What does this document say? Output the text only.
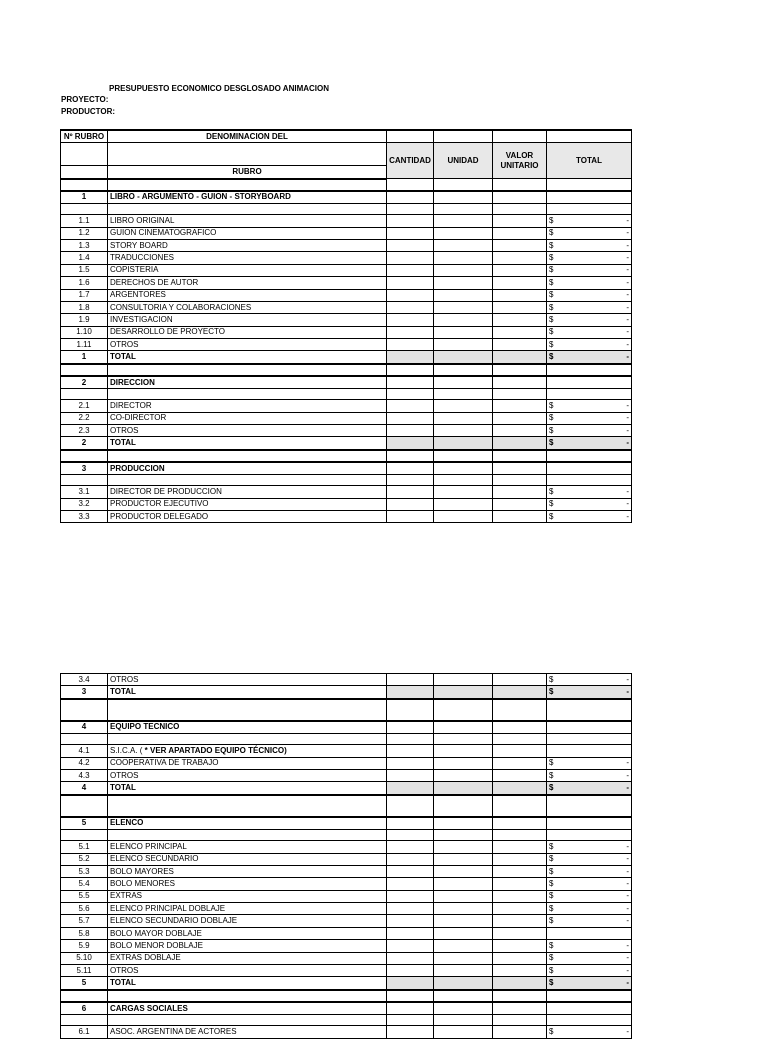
PRESUPUESTO ECONOMICO DESGLOSADO ANIMACION
PROYECTO:
PRODUCTOR:
Nº RUBRO	DENOMINACION DEL				
		CANTIDAD	UNIDAD	VALOR
UNITARIO	TOTAL
	RUBRO				

1	LIBRO - ARGUMENTO - GUION - STORYBOARD				

1.1	LIBRO ORIGINAL				$ -

1.2	GUION CINEMATOGRAFICO				$ -

1.3	STORY BOARD				$ -

1.4	TRADUCCIONES				$ -

1.5	COPISTERIA				$ -

1.6	DERECHOS DE AUTOR				$ -

1.7	ARGENTORES				$ -

1.8	CONSULTORIA Y COLABORACIONES				$ -

1.9	INVESTIGACION				$ -

1.10	DESARROLLO DE PROYECTO				$ -

1.11	OTROS				$ -

1	TOTAL				$ -

2	DIRECCION				

2.1	DIRECTOR				$ -

2.2	CO-DIRECTOR				$ -

2.3	OTROS				$ -

2	TOTAL				$ -

3	PRODUCCION				

3.1	DIRECTOR DE PRODUCCION				$ -

3.2	PRODUCTOR EJECUTIVO				$ -

3.3	PRODUCTOR DELEGADO				$ -
3.4	OTROS				$ -

3	TOTAL				$ -

4	EQUIPO TECNICO				

4.1	S.I.C.A. ( * VER APARTADO EQUIPO TÉCNICO)				
4.2	COOPERATIVA DE TRABAJO				$ -

4.3	OTROS				$ -

4	TOTAL				$ -

5	ELENCO				

5.1	ELENCO PRINCIPAL				$ -

5.2	ELENCO SECUNDARIO				$ -

5.3	BOLO MAYORES				$ -

5.4	BOLO MENORES				$ -

5.5	EXTRAS				$ -

5.6	ELENCO PRINCIPAL DOBLAJE				$ -

5.7	ELENCO SECUNDARIO DOBLAJE				$ -

5.8	BOLO MAYOR DOBLAJE				
5.9	BOLO MENOR DOBLAJE				$ -

5.10	EXTRAS DOBLAJE				$ -

5.11	OTROS				$ -

5	TOTAL				$ -

6	CARGAS SOCIALES				

6.1	ASOC. ARGENTINA DE ACTORES				$ -
